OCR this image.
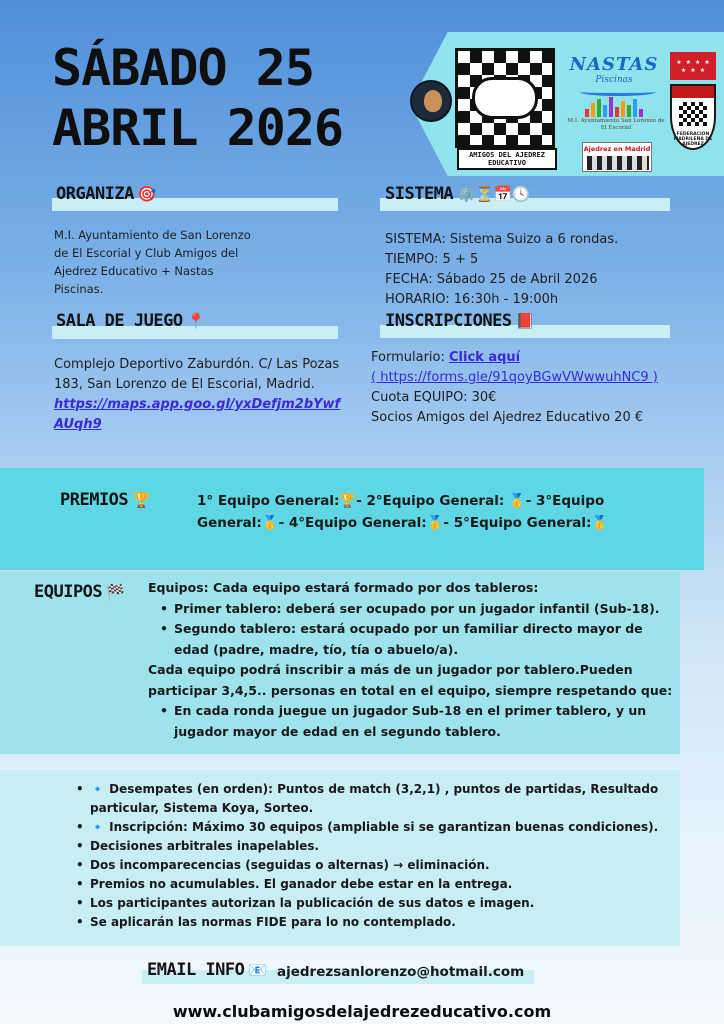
SÁBADO 25
ABRIL 2026	AMIGOS DEL AJEDREZ EDUCATIVO
NASTAS
Piscinas
M.I. Ayuntamiento San Lorenzo de El Escorial
Ajedrez en Madrid
★ ★ ★ ★
★ ★ ★
FEDERACION MADRILEÑA DE AJEDREZ
ORGANIZA 🎯
M.I. Ayuntamiento de San Lorenzo de El Escorial y Club Amigos del Ajedrez Educativo + Nastas Piscinas.
SALA DE JUEGO 📍
Complejo Deportivo Zaburdón. C/ Las Pozas 183, San Lorenzo de El Escorial, Madrid.
https://maps.app.goo.gl/yxDefjm2bYwfAUqh9
SISTEMA ⚙️⏳📅🕓
SISTEMA: Sistema Suizo a 6 rondas.
TIEMPO: 5 + 5
FECHA: Sábado 25 de Abril 2026
HORARIO: 16:30h - 19:00h
INSCRIPCIONES 📕
Formulario: Click aquí
( https://forms.gle/91qoyBGwVWwwuhNC9 )
Cuota EQUIPO: 30€
Socios Amigos del Ajedrez Educativo 20 €
PREMIOS 🏆	1° Equipo General:🏆- 2°Equipo General: 🥇- 3°Equipo General:🥇- 4°Equipo General:🥇- 5°Equipo General:🥇
EQUIPOS 🏁 Equipos: Cada equipo estará formado por dos tableros:
• Primer tablero: deberá ser ocupado por un jugador infantil (Sub-18).
• Segundo tablero: estará ocupado por un familiar directo mayor de edad (padre, madre, tío, tía o abuelo/a).
Cada equipo podrá inscribir a más de un jugador por tablero.Pueden participar 3,4,5.. personas en total en el equipo, siempre respetando que:
• En cada ronda juegue un jugador Sub-18 en el primer tablero, y un jugador mayor de edad en el segundo tablero.
• 🔹 Desempates (en orden): Puntos de match (3,2,1) , puntos de partidas, Resultado particular, Sistema Koya, Sorteo.
• 🔹 Inscripción: Máximo 30 equipos (ampliable si se garantizan buenas condiciones).
• Decisiones arbitrales inapelables.
• Dos incomparecencias (seguidas o alternas) → eliminación.
• Premios no acumulables. El ganador debe estar en la entrega.
• Los participantes autorizan la publicación de sus datos e imagen.
• Se aplicarán las normas FIDE para lo no contemplado.
EMAIL INFO 📧 ajedrezsanlorenzo@hotmail.com
www.clubamigosdelajedrezeducativo.com
